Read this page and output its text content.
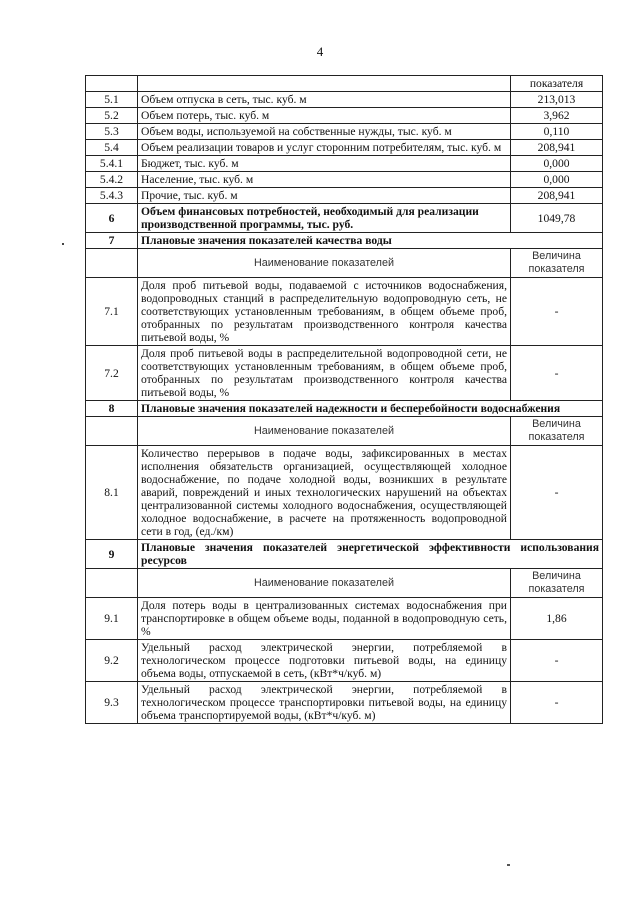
4
		показателя
5.1	Объем отпуска в сеть, тыс. куб. м	213,013
5.2	Объем потерь, тыс. куб. м	3,962
5.3	Объем воды, используемой на собственные нужды, тыс. куб. м	0,110
5.4	Объем реализации товаров и услуг сторонним потребителям, тыс. куб. м	208,941
5.4.1	Бюджет, тыс. куб. м	0,000
5.4.2	Население, тыс. куб. м	0,000
5.4.3	Прочие, тыс. куб. м	208,941
6	Объем финансовых потребностей, необходимый для реализации производственной программы, тыс. руб.	1049,78
7	Плановые значения показателей качества воды	
	Наименование показателей	Величина показателя
7.1	Доля проб питьевой воды, подаваемой с источников водоснабжения, водопроводных станций в распределительную водопроводную сеть, не соответствующих установленным требованиям, в общем объеме проб, отобранных по результатам производственного контроля качества питьевой воды, %	-
7.2	Доля проб питьевой воды в распределительной водопроводной сети, не соответствующих установленным требованиям, в общем объеме проб, отобранных по результатам производственного контроля качества питьевой воды, %	-
8	Плановые значения показателей надежности и бесперебойности водоснабжения	
	Наименование показателей	Величина показателя
8.1	Количество перерывов в подаче воды, зафиксированных в местах исполнения обязательств организацией, осуществляющей холодное водоснабжение, по подаче холодной воды, возникших в результате аварий, повреждений и иных технологических нарушений на объектах централизованной системы холодного водоснабжения, осуществляющей холодное водоснабжение, в расчете на протяженность водопроводной сети в год, (ед./км)	-
9	Плановые значения показателей энергетической эффективности использования ресурсов	
	Наименование показателей	Величина показателя
9.1	Доля потерь воды в централизованных системах водоснабжения при транспортировке в общем объеме воды, поданной в водопроводную сеть, %	1,86
9.2	Удельный расход электрической энергии, потребляемой в технологическом процессе подготовки питьевой воды, на единицу объема воды, отпускаемой в сеть, (кВт*ч/куб. м)	-
9.3	Удельный расход электрической энергии, потребляемой в технологическом процессе транспортировки питьевой воды, на единицу объема транспортируемой воды, (кВт*ч/куб. м)	-
